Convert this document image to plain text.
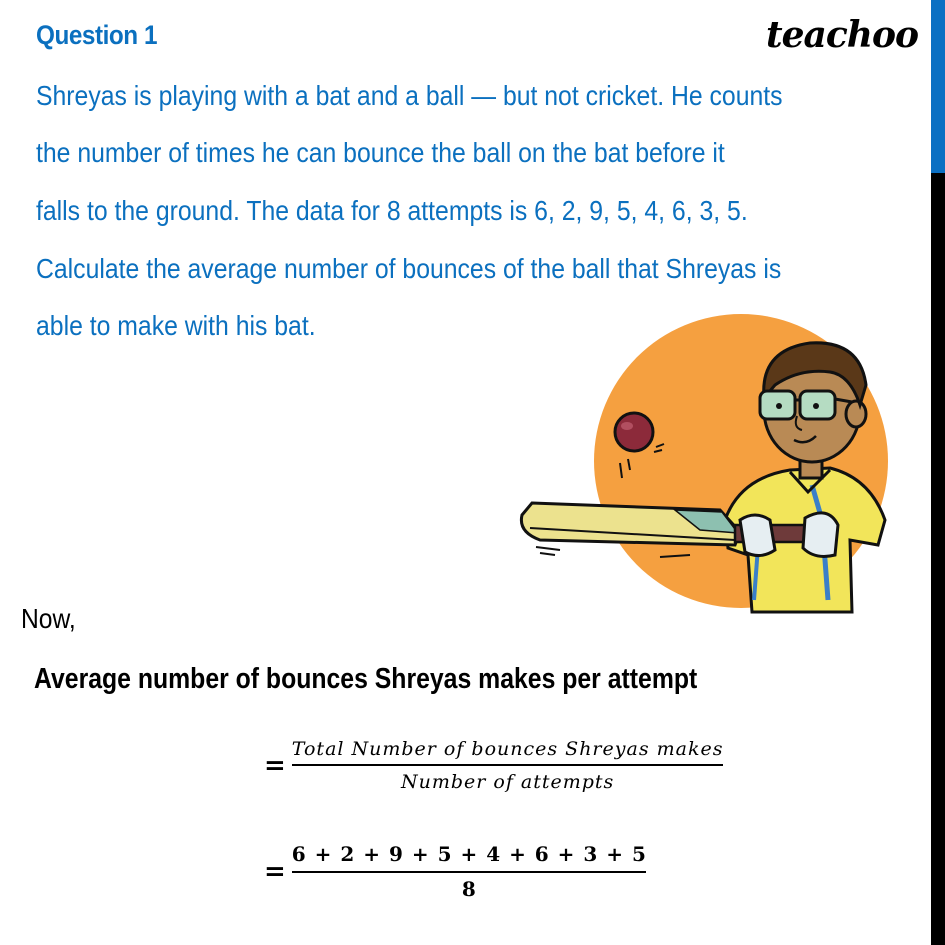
Question 1	teachoo
Shreyas is playing with a bat and a ball — but not cricket. He counts
the number of times he can bounce the ball on the bat before it
falls to the ground. The data for 8 attempts is 6, 2, 9, 5, 4, 6, 3, 5.
Calculate the average number of bounces of the ball that Shreyas is
able to make with his bat.
Now,
Average number of bounces Shreyas makes per attempt
= $\frac{\text{Total Number of bounces Shreyas makes}}{\text{Number of attempts}}$
= $\frac{6 + 2 + 9 + 5 + 4 + 6 + 3 + 5}{8}$
